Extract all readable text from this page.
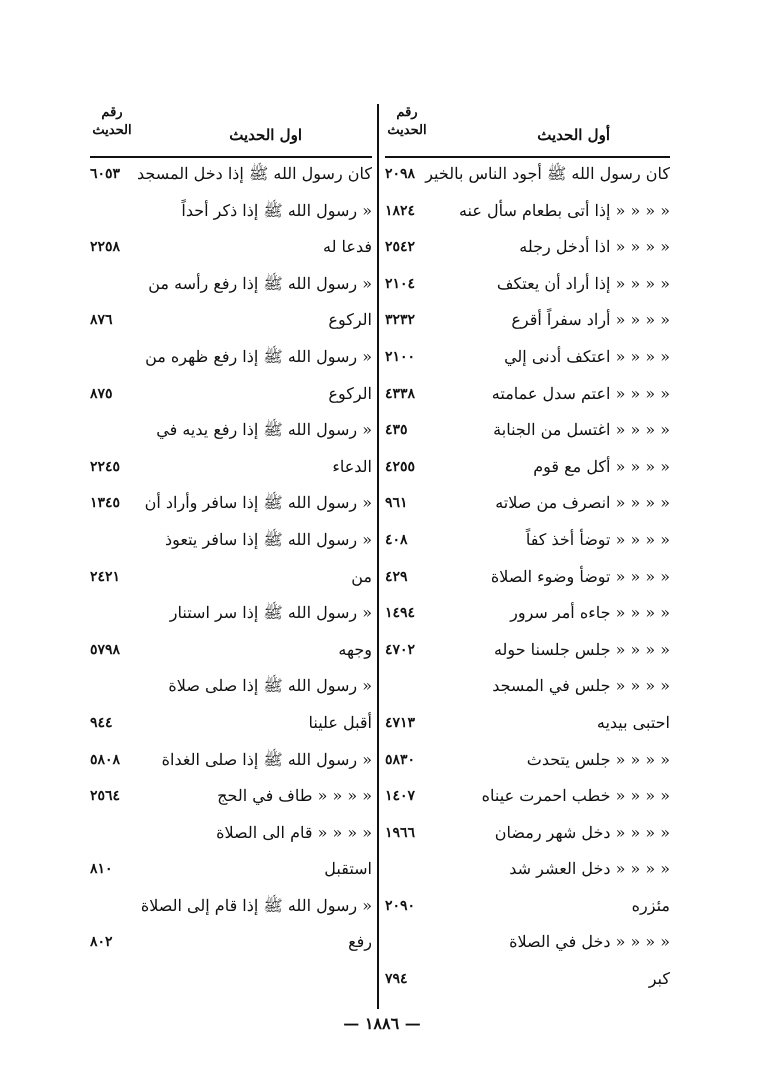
رقم الحديث	أول الحديث
كان رسول الله ﷺ أجود الناس بالخير
٢٠٩٨
« « « « إذا أتى بطعام سأل عنه
١٨٢٤
« « « « اذا أدخل رجله
٢٥٤٢
« « « « إذا أراد أن يعتكف
٢١٠٤
« « « « أراد سفراً أقرع
٣٢٣٢
« « « « اعتكف أدنى إلي
٢١٠٠
« « « « اعتم سدل عمامته
٤٣٣٨
« « « « اغتسل من الجنابة
٤٣٥
« « « « أكل مع قوم
٤٢٥٥
« « « « انصرف من صلاته
٩٦١
« « « « توضأ أخذ كفاً
٤٠٨
« « « « توضأ وضوء الصلاة
٤٢٩
« « « « جاءه أمر سرور
١٤٩٤
« « « « جلس جلسنا حوله
٤٧٠٢
« « « « جلس في المسجد
احتبى بيديه
٤٧١٣
« « « « جلس يتحدث
٥٨٣٠
« « « « خطب احمرت عيناه
١٤٠٧
« « « « دخل شهر رمضان
١٩٦٦
« « « « دخل العشر شد
مئزره
٢٠٩٠
« « « « دخل في الصلاة
كبر
٧٩٤
رقم الحديث	اول الحديث
كان رسول الله ﷺ إذا دخل المسجد
٦٠٥٣
« رسول الله ﷺ إذا ذكر أحداً
فدعا له
٢٢٥٨
« رسول الله ﷺ إذا رفع رأسه من
الركوع
٨٧٦
« رسول الله ﷺ إذا رفع ظهره من
الركوع
٨٧٥
« رسول الله ﷺ إذا رفع يديه في
الدعاء
٢٢٤٥
« رسول الله ﷺ إذا سافر وأراد أن
١٣٤٥
« رسول الله ﷺ إذا سافر يتعوذ
من
٢٤٢١
« رسول الله ﷺ إذا سر استنار
وجهه
٥٧٩٨
« رسول الله ﷺ إذا صلى صلاة
أقبل علينا
٩٤٤
« رسول الله ﷺ إذا صلى الغداة
٥٨٠٨
« « « « طاف في الحج
٢٥٦٤
« « « « قام الى الصلاة
استقبل
٨١٠
« رسول الله ﷺ إذا قام إلى الصلاة
رفع
٨٠٢
— ١٨٨٦ —
